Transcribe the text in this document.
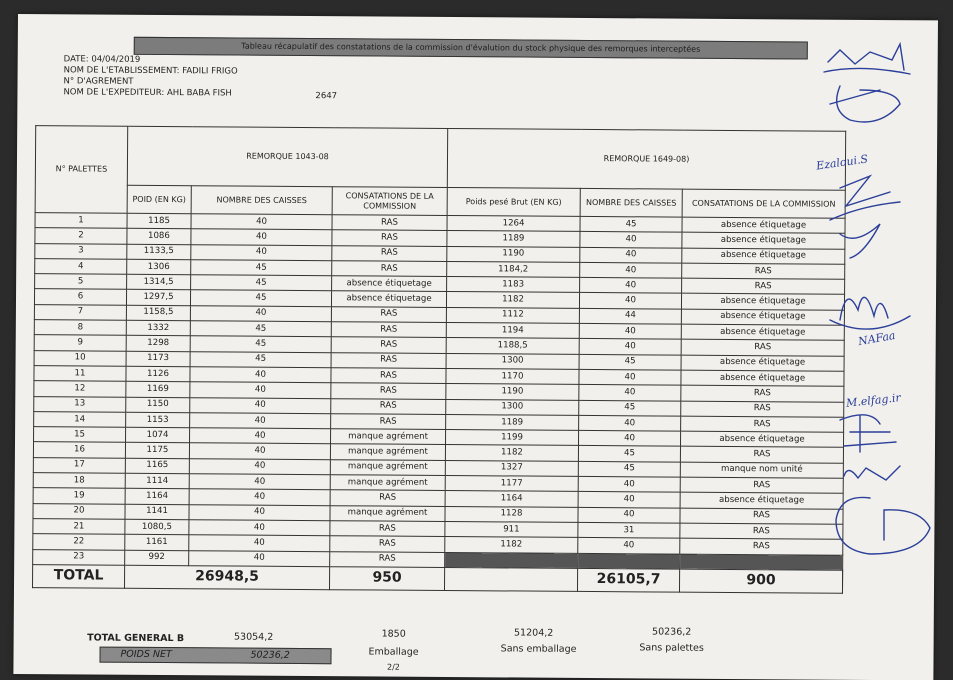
Tableau récapulatif des constatations de la commission d'évalution du stock physique des remorques interceptées
DATE: 04/04/2019
NOM DE L'ETABLISSEMENT: FADILI FRIGO
N° D'AGREMENT
NOM DE L'EXPEDITEUR: AHL BABA FISH	2647
N° PALETTES	REMORQUE 1043-08			REMORQUE 1649-08)			
	POID (EN KG)	NOMBRE DES CAISSES	CONSATATIONS DE LA COMMISSION	Poids pesé Brut (EN KG)	NOMBRE DES CAISSES	CONSATATIONS DE LA COMMISSION	
1	1185	40	RAS	1264	45	absence étiquetage	
2	1086	40	RAS	1189	40	absence étiquetage	
3	1133,5	40	RAS	1190	40	absence étiquetage	
4	1306	45	RAS	1184,2	40	RAS	
5	1314,5	45	absence étiquetage	1183	40	RAS	
6	1297,5	45	absence étiquetage	1182	40	absence étiquetage	
7	1158,5	40	RAS	1112	44	absence étiquetage	
8	1332	45	RAS	1194	40	absence étiquetage	
9	1298	45	RAS	1188,5	40	RAS	
10	1173	45	RAS	1300	45	absence étiquetage	
11	1126	40	RAS	1170	40	absence étiquetage	
12	1169	40	RAS	1190	40	RAS	
13	1150	40	RAS	1300	45	RAS	
14	1153	40	RAS	1189	40	RAS	
15	1074	40	manque agrément	1199	40	absence étiquetage	
16	1175	40	manque agrément	1182	45	RAS	
17	1165	40	manque agrément	1327	45	manque nom unité	
18	1114	40	manque agrément	1177	40	RAS	
19	1164	40	RAS	1164	40	absence étiquetage	
20	1141	40	manque agrément	1128	40	RAS	
21	1080,5	40	RAS	911	31	RAS	
22	1161	40	RAS	1182	40	RAS	
23	992	40	RAS				
TOTAL	26948,5		950		26105,7	900	
TOTAL GENERAL B	53054,2
POIDS NET	50236,2
1850
Emballage
51204,2
Sans emballage
50236,2
Sans palettes
2/2
Ezaloui.S
NAFaa
M.elfag.ir
